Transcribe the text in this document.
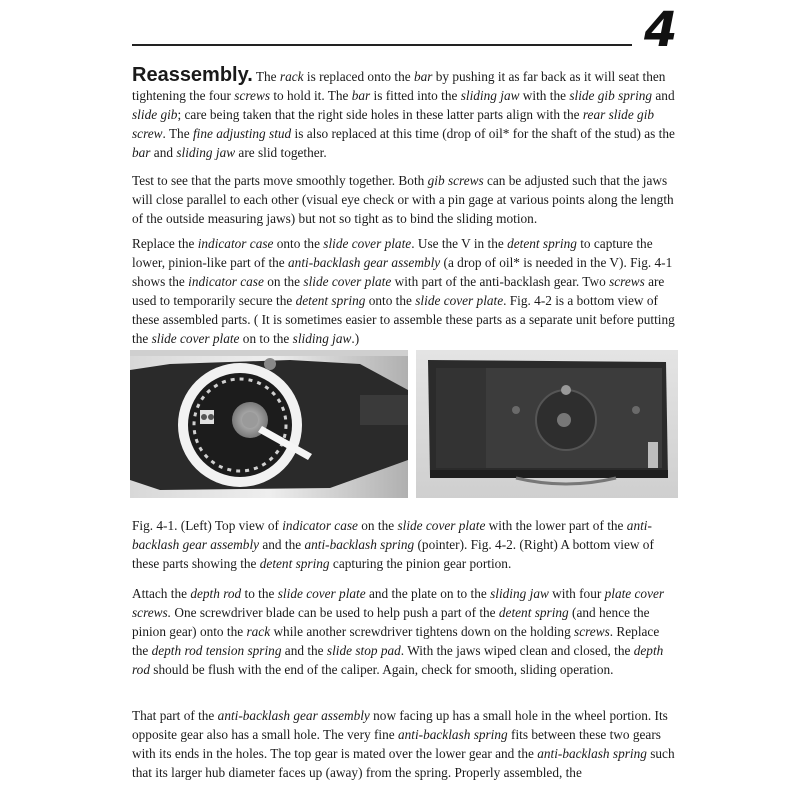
4
Reassembly. The rack is replaced onto the bar by pushing it as far back as it will seat then tightening the four screws to hold it. The bar is fitted into the sliding jaw with the slide gib spring and slide gib; care being taken that the right side holes in these latter parts align with the rear slide gib screw. The fine adjusting stud is also replaced at this time (drop of oil* for the shaft of the stud) as the bar and sliding jaw are slid together.
Test to see that the parts move smoothly together. Both gib screws can be adjusted such that the jaws will close parallel to each other (visual eye check or with a pin gage at various points along the length of the outside measuring jaws) but not so tight as to bind the sliding motion.
Replace the indicator case onto the slide cover plate. Use the V in the detent spring to capture the lower, pinion-like part of the anti-backlash gear assembly (a drop of oil* is needed in the V). Fig. 4-1 shows the indicator case on the slide cover plate with part of the anti-backlash gear. Two screws are used to temporarily secure the detent spring onto the slide cover plate. Fig. 4-2 is a bottom view of these assembled parts. ( It is sometimes easier to assemble these parts as a separate unit before putting the slide cover plate on to the sliding jaw.)
Fig. 4-1. (Left) Top view of indicator case on the slide cover plate with the lower part of the anti-backlash gear assembly and the anti-backlash spring (pointer). Fig. 4-2. (Right) A bottom view of these parts showing the detent spring capturing the pinion gear portion.
Attach the depth rod to the slide cover plate and the plate on to the sliding jaw with four plate cover screws. One screwdriver blade can be used to help push a part of the detent spring (and hence the pinion gear) onto the rack while another screwdriver tightens down on the holding screws. Replace the depth rod tension spring and the slide stop pad. With the jaws wiped clean and closed, the depth rod should be flush with the end of the caliper. Again, check for smooth, sliding operation.
That part of the anti-backlash gear assembly now facing up has a small hole in the wheel portion. Its opposite gear also has a small hole. The very fine anti-backlash spring fits between these two gears with its ends in the holes. The top gear is mated over the lower gear and the anti-backlash spring such that its larger hub diameter faces up (away) from the spring. Properly assembled, the
